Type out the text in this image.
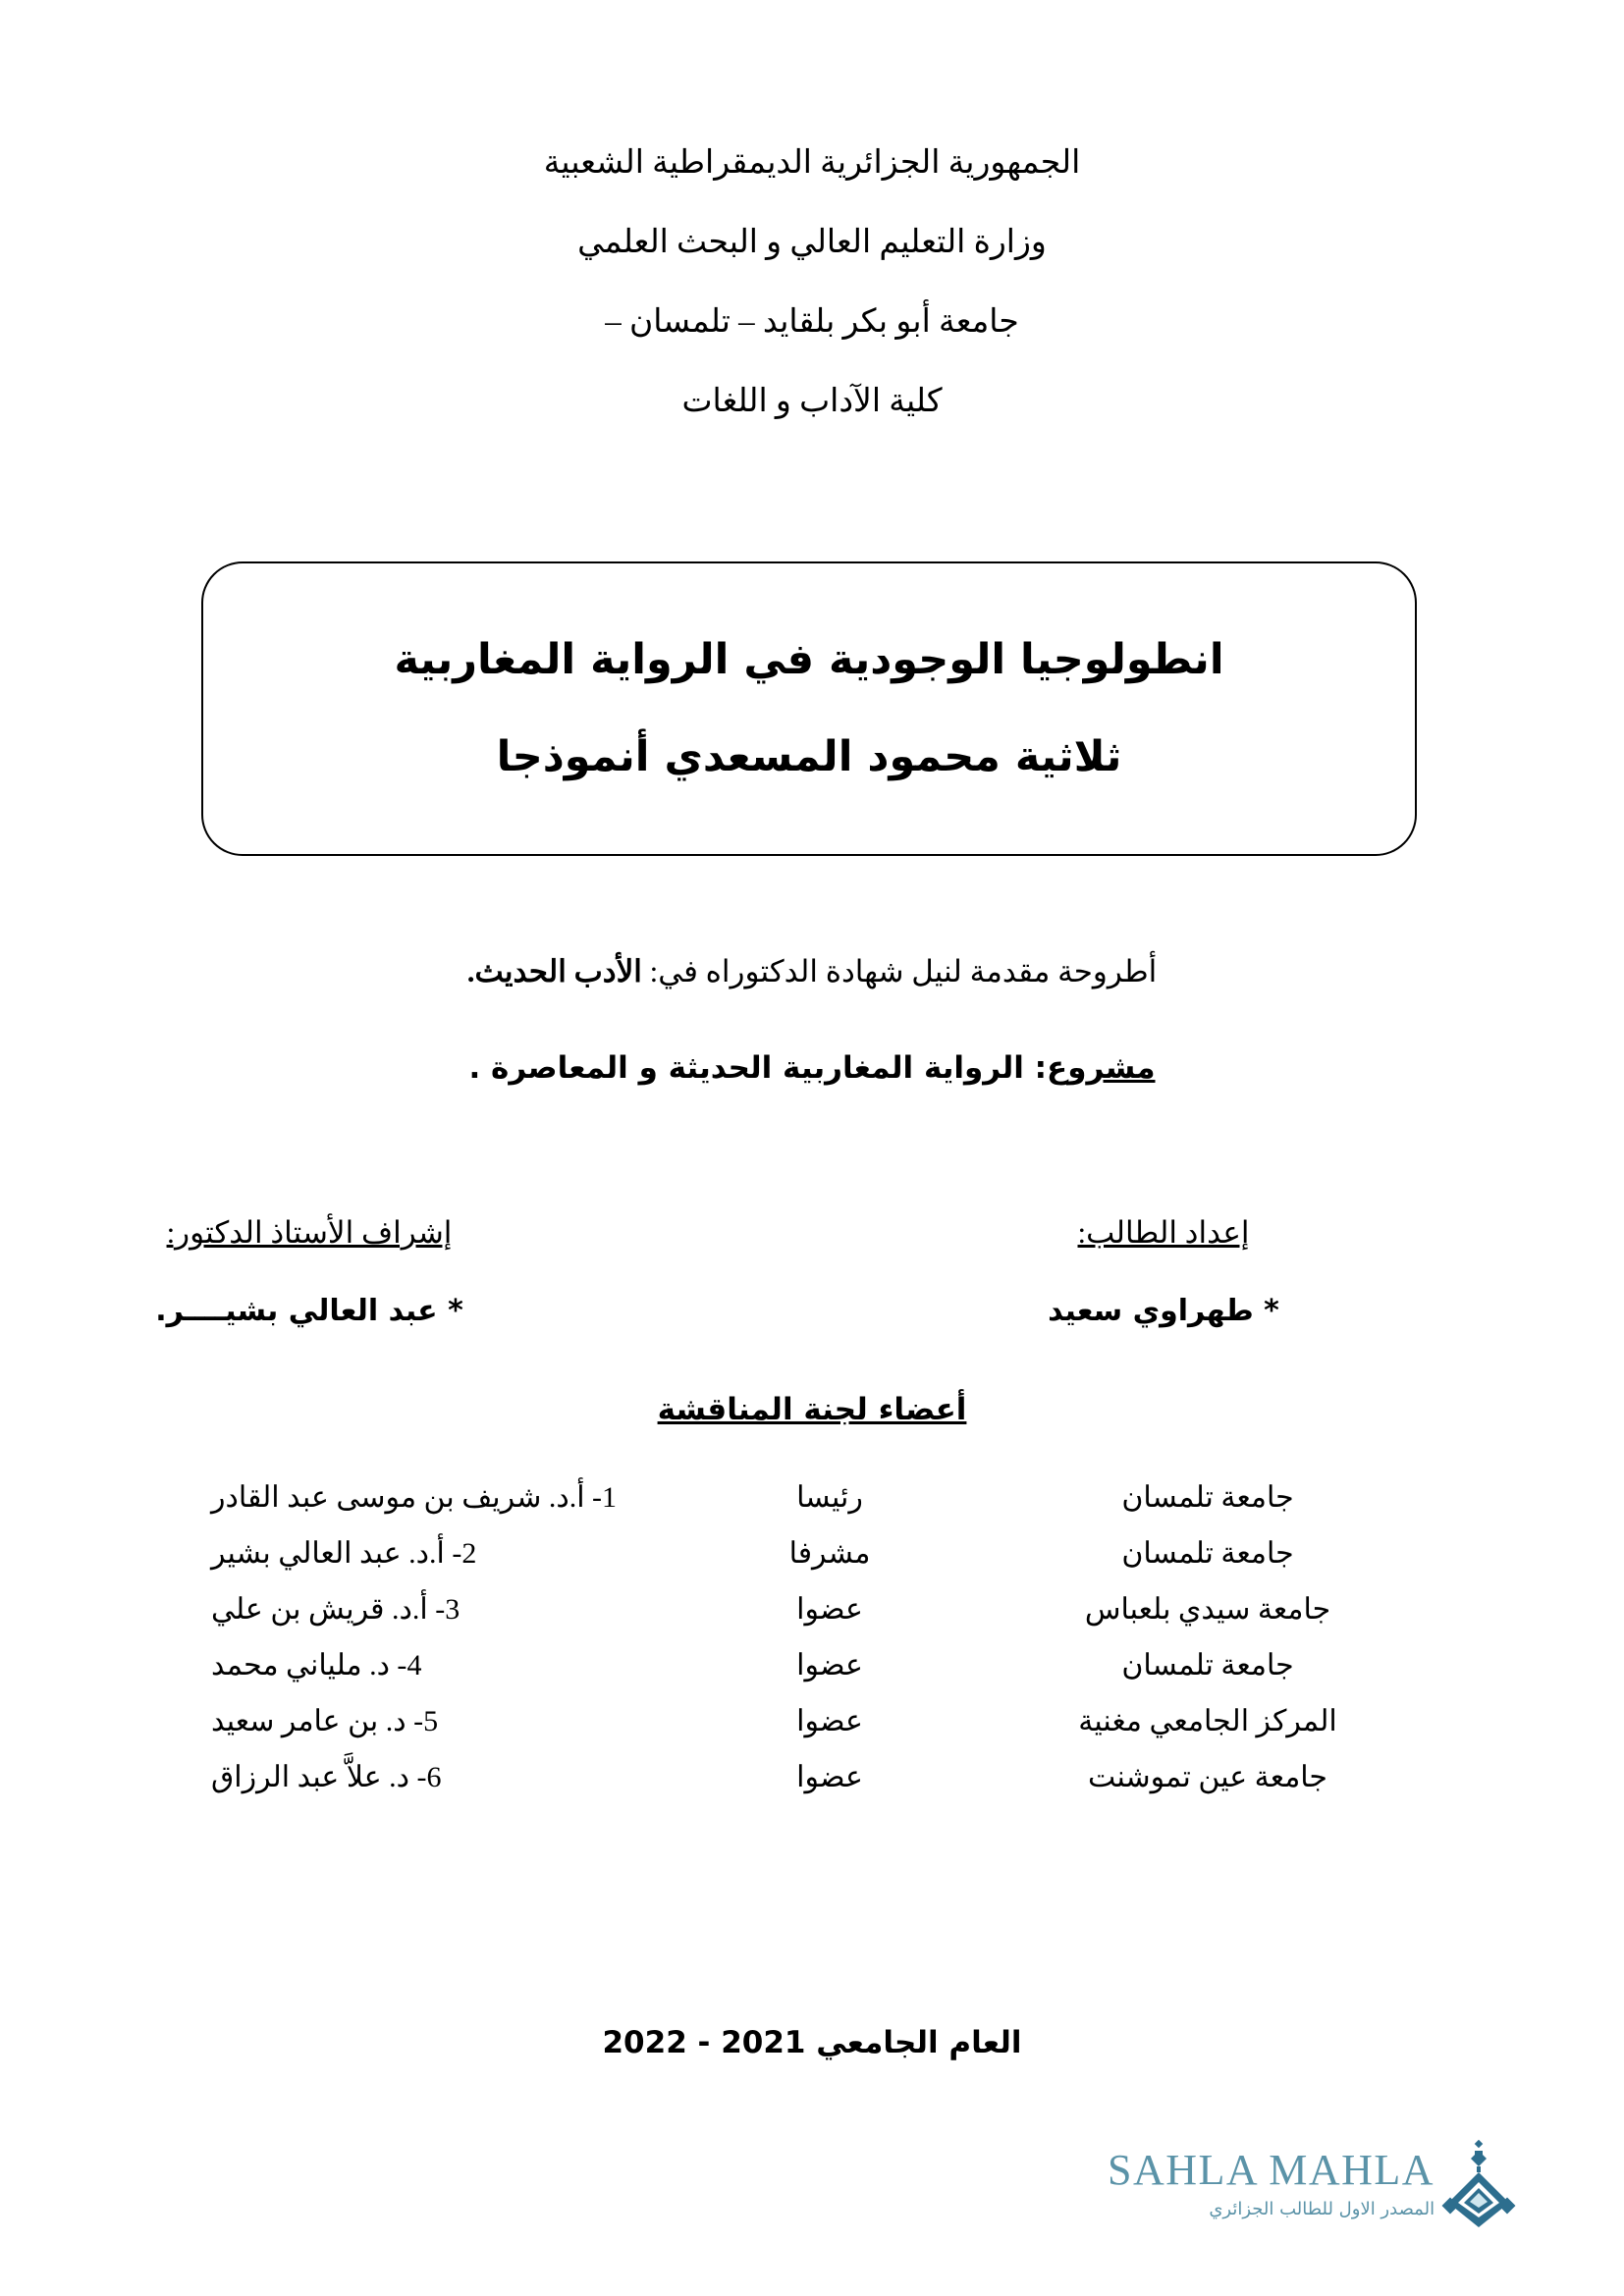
الجمهورية الجزائرية الديمقراطية الشعبية
وزارة التعليم العالي و البحث العلمي
جامعة أبو بكر بلقايد – تلمسان –
كلية الآداب و اللغات
انطولوجيا الوجودية في الرواية المغاربية
ثلاثية محمود المسعدي أنموذجا
أطروحة مقدمة لنيل شهادة الدكتوراه في: الأدب الحديث.
مشروع: الرواية المغاربية الحديثة و المعاصرة .
إعداد الطالب:
* طهراوي سعيد
إشراف الأستاذ الدكتور:
* عبد العالي بشيــــر.
أعضاء لجنة المناقشة
جامعة تلمسان
رئيسا
1- أ.د. شريف بن موسى عبد القادر
جامعة تلمسان
مشرفا
2- أ.د. عبد العالي بشير
جامعة سيدي بلعباس
عضوا
3- أ.د. قريش بن علي
جامعة تلمسان
عضوا
4- د. ملياني محمد
المركز الجامعي مغنية
عضوا
5- د. بن عامر سعيد
جامعة عين تموشنت
عضوا
6- د. علاَّ عبد الرزاق
العام الجامعي 2021 - 2022
SAHLA MAHLA
المصدر الاول للطالب الجزائري
